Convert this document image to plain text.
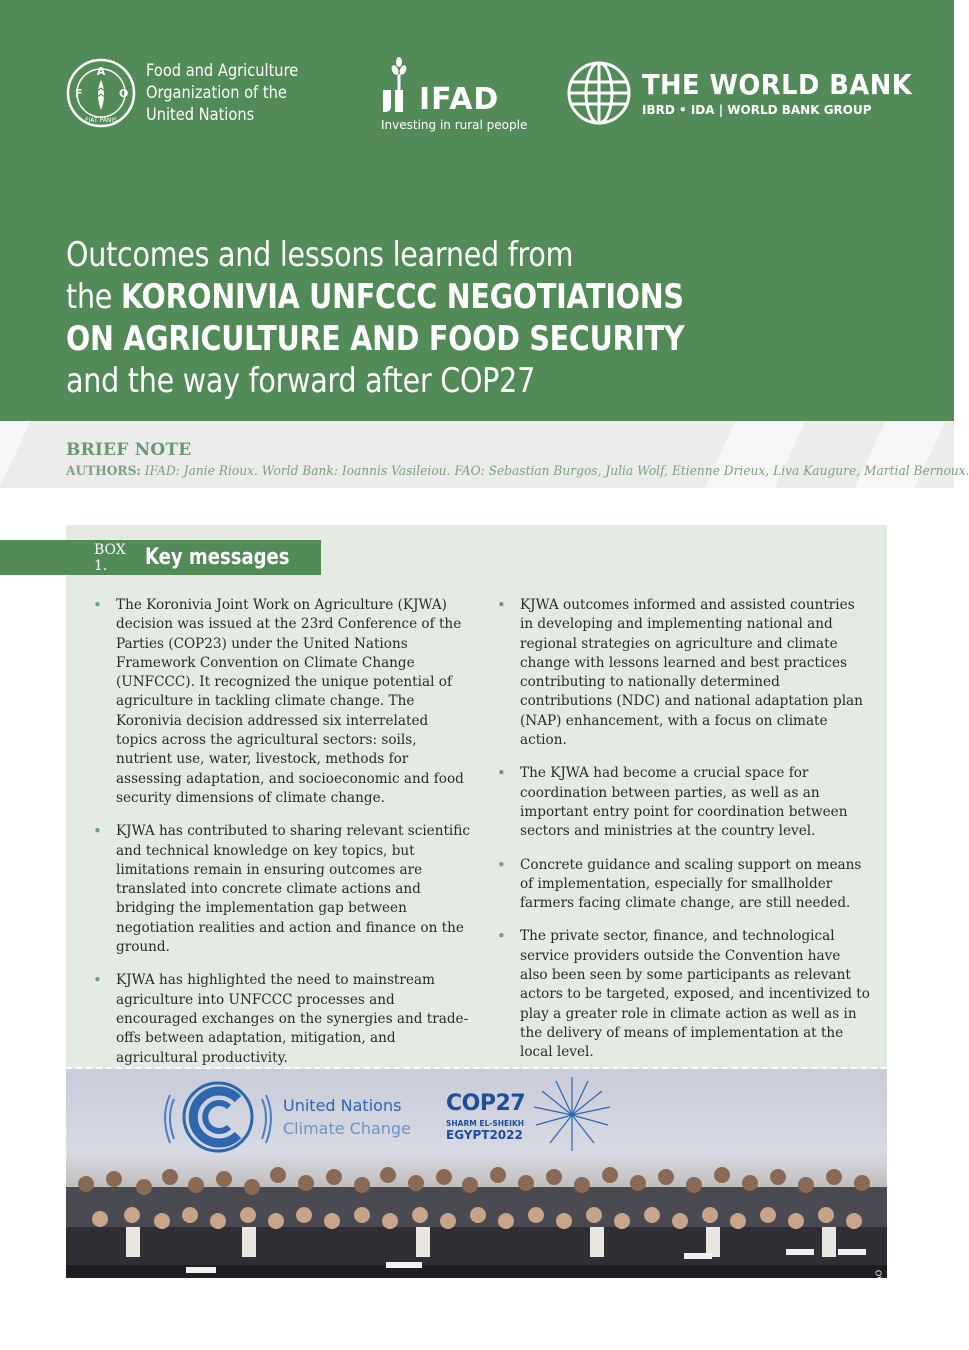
A
F	O
FIAT PANIS
Food and Agriculture
Organization of the
United Nations	IFAD
Investing in rural people
THE WORLD BANK
IBRD • IDA | WORLD BANK GROUP
Outcomes and lessons learned from
the KORONIVIA UNFCCC NEGOTIATIONS
ON AGRICULTURE AND FOOD SECURITY
and the way forward after COP27
BRIEF NOTE
AUTHORS: IFAD: Janie Rioux. World Bank: Ioannis Vasileiou. FAO: Sebastian Burgos, Julia Wolf, Etienne Drieux, Liva Kaugure, Martial Bernoux.
BOX 1.	Key messages

• The Koronivia Joint Work on Agriculture (KJWA) decision was issued at the 23rd Conference of the Parties (COP23) under the United Nations Framework Convention on Climate Change (UNFCCC). It recognized the unique potential of agriculture in tackling climate change. The Koronivia decision addressed six interrelated topics across the agricultural sectors: soils, nutrient use, water, livestock, methods for assessing adaptation, and socioeconomic and food security dimensions of climate change.

• KJWA has contributed to sharing relevant scientific and technical knowledge on key topics, but limitations remain in ensuring outcomes are translated into concrete climate actions and bridging the implementation gap between negotiation realities and action and finance on the ground.

• KJWA has highlighted the need to mainstream agriculture into UNFCCC processes and encouraged exchanges on the synergies and trade-offs between adaptation, mitigation, and agricultural productivity.

• KJWA outcomes informed and assisted countries in developing and implementing national and regional strategies on agriculture and climate change with lessons learned and best practices contributing to nationally determined contributions (NDC) and national adaptation plan (NAP) enhancement, with a focus on climate action.

• The KJWA had become a crucial space for coordination between parties, as well as an important entry point for coordination between sectors and ministries at the country level.

• Concrete guidance and scaling support on means of implementation, especially for smallholder farmers facing climate change, are still needed.

• The private sector, finance, and technological service providers outside the Convention have also been seen by some participants as relevant actors to be targeted, exposed, and incentivized to play a greater role in climate action as well as in the delivery of means of implementation at the local level.

United Nations
Climate Change
COP27
SHARM EL-SHEIKH
EGYPT2022
©FAO
